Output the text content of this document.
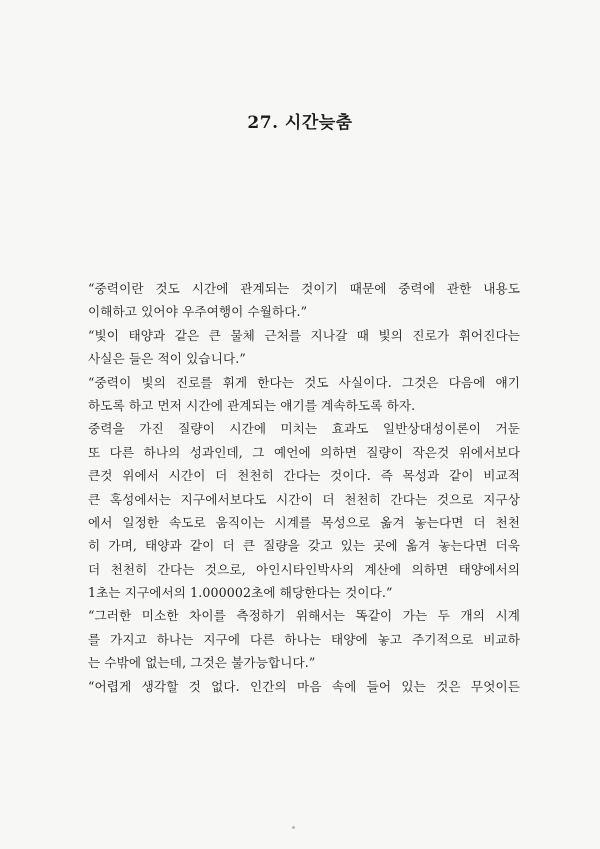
27. 시간늦춤
“중력이란 것도 시간에 관계되는 것이기 때문에 중력에 관한 내용도
이해하고 있어야 우주여행이 수월하다.”
“빛이 태양과 같은 큰 물체 근처를 지나갈 때 빛의 진로가 휘어진다는
사실은 들은 적이 있습니다.”
“중력이 빛의 진로를 휘게 한다는 것도 사실이다. 그것은 다음에 얘기
하도록 하고 먼저 시간에 관계되는 얘기를 계속하도록 하자.
중력을 가진 질량이 시간에 미치는 효과도 일반상대성이론이 거둔
또 다른 하나의 성과인데, 그 예언에 의하면 질량이 작은것 위에서보다
큰것 위에서 시간이 더 천천히 간다는 것이다. 즉 목성과 같이 비교적
큰 혹성에서는 지구에서보다도 시간이 더 천천히 간다는 것으로 지구상
에서 일정한 속도로 움직이는 시계를 목성으로 옮겨 놓는다면 더 천천
히 가며, 태양과 같이 더 큰 질량을 갖고 있는 곳에 옮겨 놓는다면 더욱
더 천천히 간다는 것으로, 아인시타인박사의 계산에 의하면 태양에서의
1초는 지구에서의 1.000002초에 해당한다는 것이다.”
“그러한 미소한 차이를 측정하기 위해서는 똑같이 가는 두 개의 시계
를 가지고 하나는 지구에 다른 하나는 태양에 놓고 주기적으로 비교하
는 수밖에 없는데, 그것은 불가능합니다.”
“어렵게 생각할 것 없다. 인간의 마음 속에 들어 있는 것은 무엇이든
